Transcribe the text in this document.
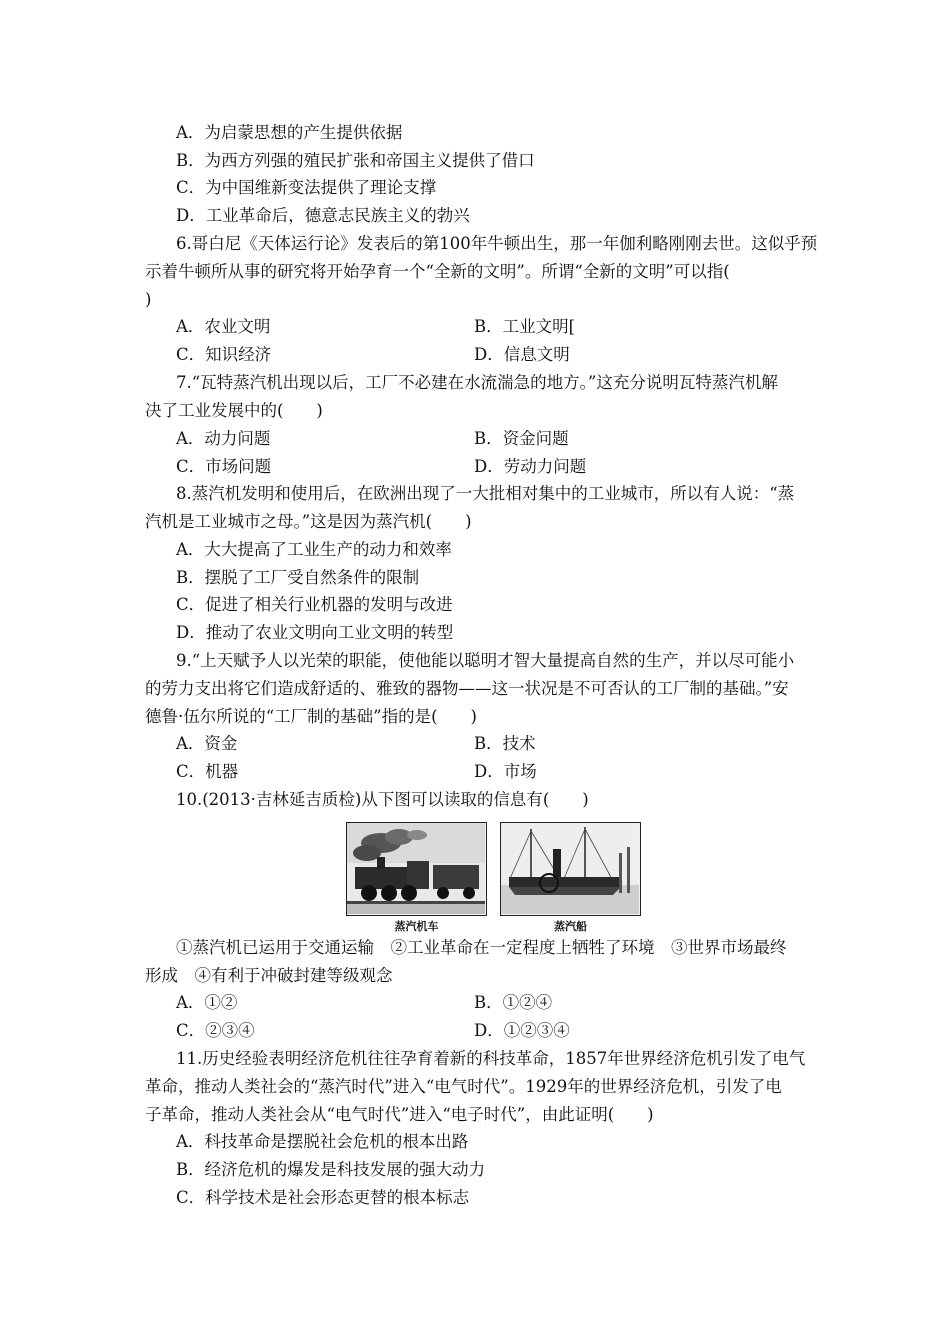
A．为启蒙思想的产生提供依据
B．为西方列强的殖民扩张和帝国主义提供了借口
C．为中国维新变法提供了理论支撑
D．工业革命后，德意志民族主义的勃兴
6.哥白尼《天体运行论》发表后的第100年牛顿出生，那一年伽利略刚刚去世。这似乎预
示着牛顿所从事的研究将开始孕育一个“全新的文明”。所谓“全新的文明”可以指(
)
A．农业文明	B．工业文明[
C．知识经济	D．信息文明
7.“瓦特蒸汽机出现以后，工厂不必建在水流湍急的地方。”这充分说明瓦特蒸汽机解
决了工业发展中的(　　)
A．动力问题	B．资金问题
C．市场问题	D．劳动力问题
8.蒸汽机发明和使用后，在欧洲出现了一大批相对集中的工业城市，所以有人说：“蒸
汽机是工业城市之母。”这是因为蒸汽机(　　)
A．大大提高了工业生产的动力和效率
B．摆脱了工厂受自然条件的限制
C．促进了相关行业机器的发明与改进
D．推动了农业文明向工业文明的转型
9.“上天赋予人以光荣的职能，使他能以聪明才智大量提高自然的生产，并以尽可能小
的劳力支出将它们造成舒适的、雅致的器物——这一状况是不可否认的工厂制的基础。”安
德鲁·伍尔所说的“工厂制的基础”指的是(　　)
A．资金	B．技术
C．机器	D．市场
10.(2013·吉林延吉质检)从下图可以读取的信息有(　　)
蒸汽机车	蒸汽船
①蒸汽机已运用于交通运输　②工业革命在一定程度上牺牲了环境　③世界市场最终
形成　④有利于冲破封建等级观念
A．①②	B．①②④
C．②③④	D．①②③④
11.历史经验表明经济危机往往孕育着新的科技革命，1857年世界经济危机引发了电气
革命，推动人类社会的“蒸汽时代”进入“电气时代”。1929年的世界经济危机，引发了电
子革命，推动人类社会从“电气时代”进入“电子时代”，由此证明(　　)
A．科技革命是摆脱社会危机的根本出路
B．经济危机的爆发是科技发展的强大动力
C．科学技术是社会形态更替的根本标志
